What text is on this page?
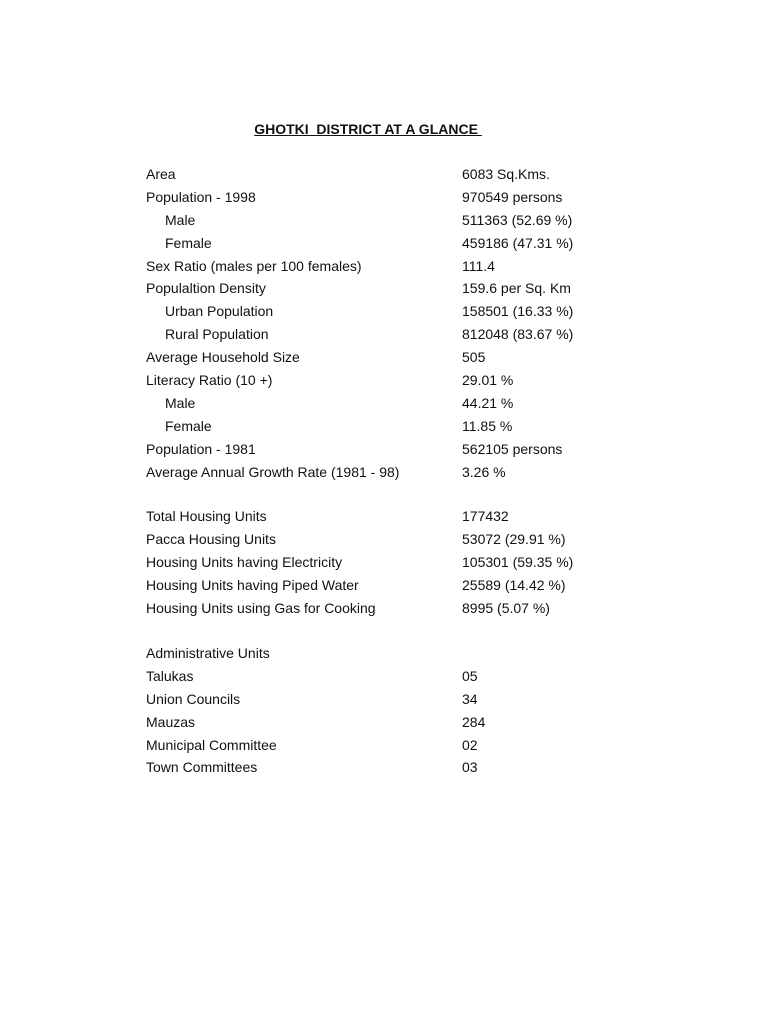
GHOTKI  DISTRICT AT A GLANCE
Area	6083 Sq.Kms.
Population - 1998	970549 persons
Male	511363 (52.69 %)
Female	459186 (47.31 %)
Sex Ratio (males per 100 females)	111.4
Populaltion Density	159.6 per Sq. Km
Urban Population	158501 (16.33 %)
Rural Population	812048 (83.67 %)
Average Household Size	505
Literacy Ratio (10 +)	29.01 %
Male	44.21 %
Female	11.85 %
Population - 1981	562105 persons
Average Annual Growth Rate (1981 - 98)	3.26 %
Total Housing Units	177432
Pacca Housing Units	53072 (29.91 %)
Housing Units having Electricity	105301 (59.35 %)
Housing Units having Piped Water	25589 (14.42 %)
Housing Units using Gas for Cooking	8995 (5.07 %)
Administrative Units
Talukas	05
Union Councils	34
Mauzas	284
Municipal Committee	02
Town Committees	03
